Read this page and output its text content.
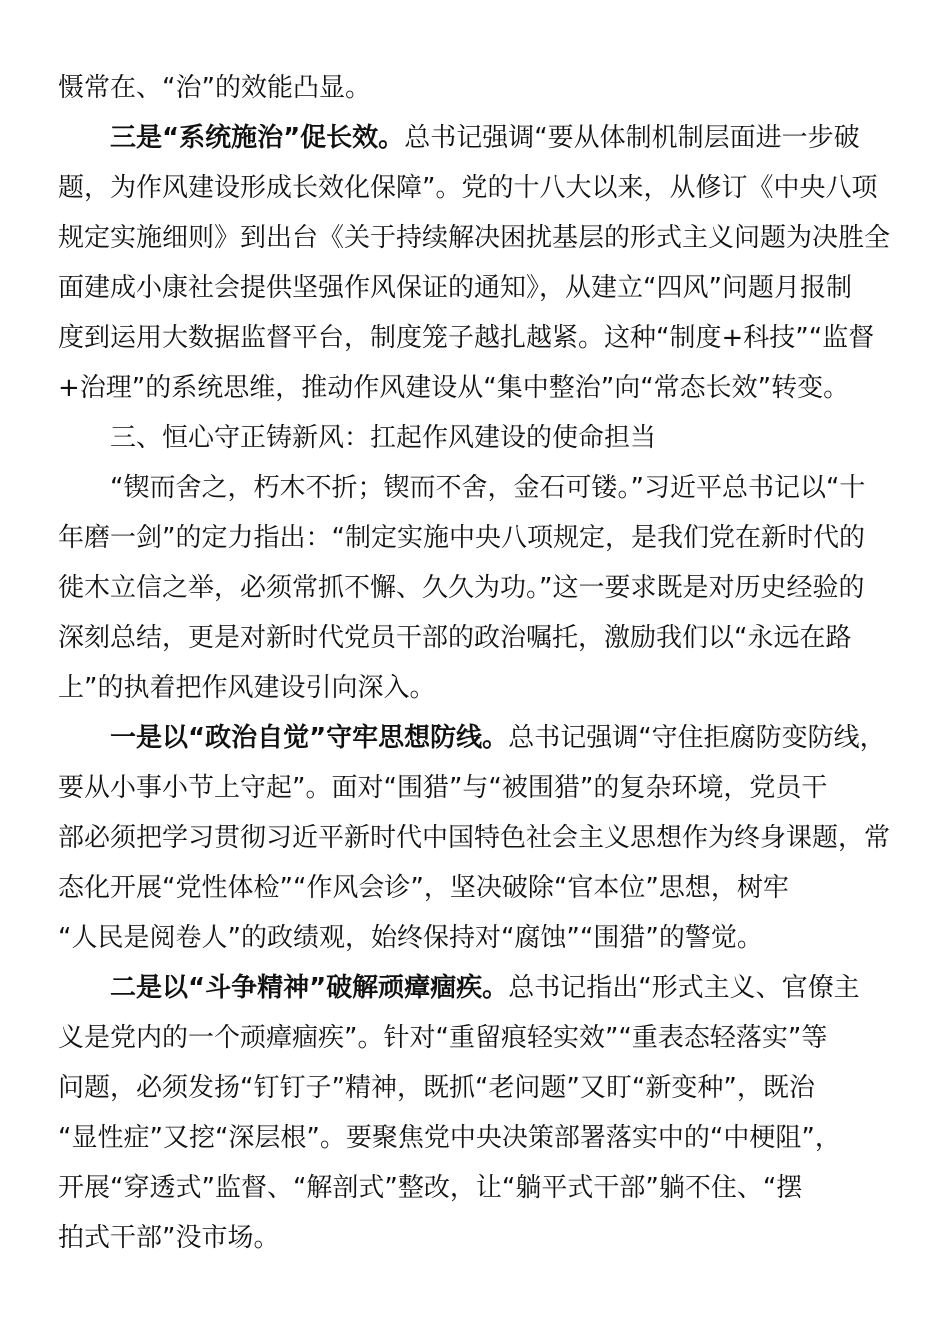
慑常在、“治”的效能凸显。
三是“系统施治”促长效。总书记强调“要从体制机制层面进一步破
题，为作风建设形成长效化保障”。党的十八大以来，从修订《中央八项
规定实施细则》到出台《关于持续解决困扰基层的形式主义问题为决胜全
面建成小康社会提供坚强作风保证的通知》，从建立“四风”问题月报制
度到运用大数据监督平台，制度笼子越扎越紧。这种“制度+科技”“监督
+治理”的系统思维，推动作风建设从“集中整治”向“常态长效”转变。
三、恒心守正铸新风：扛起作风建设的使命担当
“锲而舍之，朽木不折；锲而不舍，金石可镂。”习近平总书记以“十
年磨一剑”的定力指出：“制定实施中央八项规定，是我们党在新时代的
徙木立信之举，必须常抓不懈、久久为功。”这一要求既是对历史经验的
深刻总结，更是对新时代党员干部的政治嘱托，激励我们以“永远在路
上”的执着把作风建设引向深入。
一是以“政治自觉”守牢思想防线。总书记强调“守住拒腐防变防线，
要从小事小节上守起”。面对“围猎”与“被围猎”的复杂环境，党员干
部必须把学习贯彻习近平新时代中国特色社会主义思想作为终身课题，常
态化开展“党性体检”“作风会诊”，坚决破除“官本位”思想，树牢
“人民是阅卷人”的政绩观，始终保持对“腐蚀”“围猎”的警觉。
二是以“斗争精神”破解顽瘴痼疾。总书记指出“形式主义、官僚主
义是党内的一个顽瘴痼疾”。针对“重留痕轻实效”“重表态轻落实”等
问题，必须发扬“钉钉子”精神，既抓“老问题”又盯“新变种”，既治
“显性症”又挖“深层根”。要聚焦党中央决策部署落实中的“中梗阻”，
开展“穿透式”监督、“解剖式”整改，让“躺平式干部”躺不住、“摆
拍式干部”没市场。
